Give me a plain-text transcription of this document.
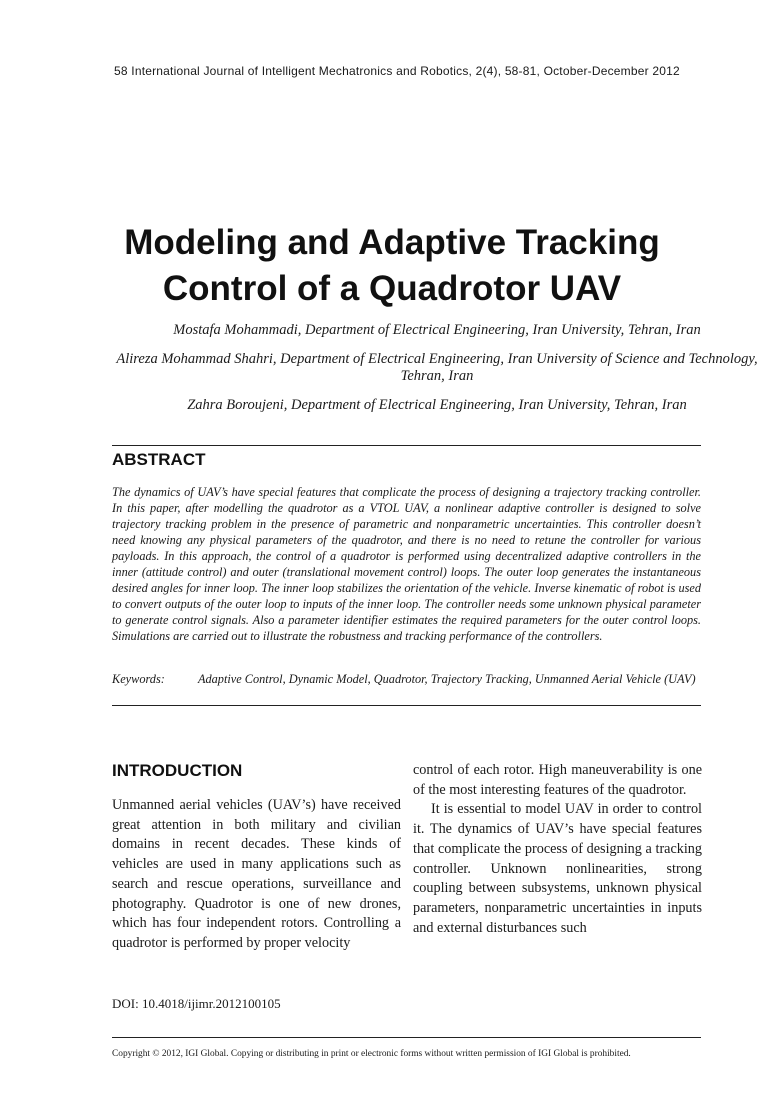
58 International Journal of Intelligent Mechatronics and Robotics, 2(4), 58-81, October-December 2012
Modeling and Adaptive Tracking Control of a Quadrotor UAV

Mostafa Mohammadi, Department of Electrical Engineering, Iran University, Tehran, Iran

Alireza Mohammad Shahri, Department of Electrical Engineering, Iran University of Science and Technology, Tehran, Iran

Zahra Boroujeni, Department of Electrical Engineering, Iran University, Tehran, Iran

ABSTRACT
The dynamics of UAV’s have special features that complicate the process of designing a trajectory tracking controller. In this paper, after modelling the quadrotor as a VTOL UAV, a nonlinear adaptive controller is designed to solve trajectory tracking problem in the presence of parametric and nonparametric uncertainties. This controller doesn’t need knowing any physical parameters of the quadrotor, and there is no need to retune the controller for various payloads. In this approach, the control of a quadrotor is performed using decentralized adaptive controllers in the inner (attitude control) and outer (translational movement control) loops. The outer loop generates the instantaneous desired angles for inner loop. The inner loop stabilizes the orientation of the vehicle. Inverse kinematic of robot is used to convert outputs of the outer loop to inputs of the inner loop. The controller needs some unknown physical parameter to generate control signals. Also a parameter identifier estimates the required parameters for the outer control loops. Simulations are carried out to illustrate the robustness and tracking performance of the controllers.
Keywords:	Adaptive Control, Dynamic Model, Quadrotor, Trajectory Tracking, Unmanned Aerial Vehicle (UAV)
INTRODUCTION

Unmanned aerial vehicles (UAV’s) have received great attention in both military and civilian domains in recent decades. These kinds of vehicles are used in many applications such as search and rescue operations, surveillance and photography. Quadrotor is one of new drones, which has four independent rotors. Controlling a quadrotor is performed by proper velocity

control of each rotor. High maneuverability is one of the most interesting features of the quadrotor.

It is essential to model UAV in order to control it. The dynamics of UAV’s have special features that complicate the process of designing a tracking controller. Unknown nonlinearities, strong coupling between subsystems, unknown physical parameters, nonparametric uncertainties in inputs and external disturbances such

DOI: 10.4018/ijimr.2012100105
Copyright © 2012, IGI Global. Copying or distributing in print or electronic forms without written permission of IGI Global is prohibited.
